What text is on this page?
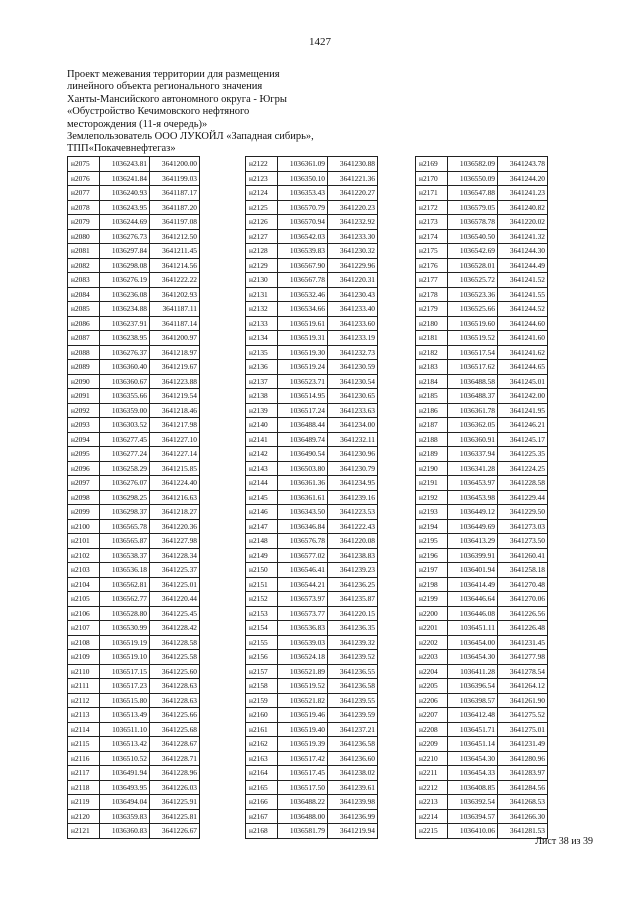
1427
Проект межевания территории для размещения
линейного объекта регионального значения
Ханты-Мансийского автономного округа - Югры
«Обустройство Кечимовского нефтяного
месторождения (11-я очередь)»
Землепользователь ООО ЛУКОЙЛ «Западная сибирь»,
ТПП«Покачевнефтегаз»
н2075	1036243.81	3641200.00
н2076	1036241.84	3641199.03
н2077	1036240.93	3641187.17
н2078	1036243.95	3641187.20
н2079	1036244.69	3641197.08
н2080	1036276.73	3641212.50
н2081	1036297.84	3641211.45
н2082	1036298.08	3641214.56
н2083	1036276.19	3641222.22
н2084	1036236.08	3641202.93
н2085	1036234.88	3641187.11
н2086	1036237.91	3641187.14
н2087	1036238.95	3641200.97
н2088	1036276.37	3641218.97
н2089	1036360.40	3641219.67
н2090	1036360.67	3641223.88
н2091	1036355.66	3641219.54
н2092	1036359.00	3641218.46
н2093	1036303.52	3641217.98
н2094	1036277.45	3641227.10
н2095	1036277.24	3641227.14
н2096	1036258.29	3641215.85
н2097	1036276.07	3641224.40
н2098	1036298.25	3641216.63
н2099	1036298.37	3641218.27
н2100	1036565.78	3641220.36
н2101	1036565.87	3641227.98
н2102	1036538.37	3641228.34
н2103	1036536.18	3641225.37
н2104	1036562.81	3641225.01
н2105	1036562.77	3641220.44
н2106	1036528.80	3641225.45
н2107	1036530.99	3641228.42
н2108	1036519.19	3641228.58
н2109	1036519.10	3641225.58
н2110	1036517.15	3641225.60
н2111	1036517.23	3641228.63
н2112	1036515.80	3641228.63
н2113	1036513.49	3641225.66
н2114	1036511.10	3641225.68
н2115	1036513.42	3641228.67
н2116	1036510.52	3641228.71
н2117	1036491.94	3641228.96
н2118	1036493.95	3641226.03
н2119	1036494.04	3641225.91
н2120	1036359.83	3641225.81
н2121	1036360.83	3641226.67
н2122	1036361.09	3641230.88
н2123	1036350.10	3641221.36
н2124	1036353.43	3641220.27
н2125	1036570.79	3641220.23
н2126	1036570.94	3641232.92
н2127	1036542.03	3641233.30
н2128	1036539.83	3641230.32
н2129	1036567.90	3641229.96
н2130	1036567.78	3641220.31
н2131	1036532.46	3641230.43
н2132	1036534.66	3641233.40
н2133	1036519.61	3641233.60
н2134	1036519.31	3641233.19
н2135	1036519.30	3641232.73
н2136	1036519.24	3641230.59
н2137	1036523.71	3641230.54
н2138	1036514.95	3641230.65
н2139	1036517.24	3641233.63
н2140	1036488.44	3641234.00
н2141	1036489.74	3641232.11
н2142	1036490.54	3641230.96
н2143	1036503.80	3641230.79
н2144	1036361.36	3641234.95
н2145	1036361.61	3641239.16
н2146	1036343.50	3641223.53
н2147	1036346.84	3641222.43
н2148	1036576.78	3641220.08
н2149	1036577.02	3641238.83
н2150	1036546.41	3641239.23
н2151	1036544.21	3641236.25
н2152	1036573.97	3641235.87
н2153	1036573.77	3641220.15
н2154	1036536.83	3641236.35
н2155	1036539.03	3641239.32
н2156	1036524.18	3641239.52
н2157	1036521.89	3641236.55
н2158	1036519.52	3641236.58
н2159	1036521.82	3641239.55
н2160	1036519.46	3641239.59
н2161	1036519.40	3641237.21
н2162	1036519.39	3641236.58
н2163	1036517.42	3641236.60
н2164	1036517.45	3641238.02
н2165	1036517.50	3641239.61
н2166	1036488.22	3641239.98
н2167	1036488.00	3641236.99
н2168	1036581.79	3641219.94
н2169	1036582.09	3641243.78
н2170	1036550.09	3641244.20
н2171	1036547.88	3641241.23
н2172	1036579.05	3641240.82
н2173	1036578.78	3641220.02
н2174	1036540.50	3641241.32
н2175	1036542.69	3641244.30
н2176	1036528.01	3641244.49
н2177	1036525.72	3641241.52
н2178	1036523.36	3641241.55
н2179	1036525.66	3641244.52
н2180	1036519.60	3641244.60
н2181	1036519.52	3641241.60
н2182	1036517.54	3641241.62
н2183	1036517.62	3641244.65
н2184	1036488.58	3641245.01
н2185	1036488.37	3641242.00
н2186	1036361.78	3641241.95
н2187	1036362.05	3641246.21
н2188	1036360.91	3641245.17
н2189	1036337.94	3641225.35
н2190	1036341.28	3641224.25
н2191	1036453.97	3641228.58
н2192	1036453.98	3641229.44
н2193	1036449.12	3641229.50
н2194	1036449.69	3641273.03
н2195	1036413.29	3641273.50
н2196	1036399.91	3641260.41
н2197	1036401.94	3641258.18
н2198	1036414.49	3641270.48
н2199	1036446.64	3641270.06
н2200	1036446.08	3641226.56
н2201	1036451.11	3641226.48
н2202	1036454.00	3641231.45
н2203	1036454.30	3641277.98
н2204	1036411.28	3641278.54
н2205	1036396.54	3641264.12
н2206	1036398.57	3641261.90
н2207	1036412.48	3641275.52
н2208	1036451.71	3641275.01
н2209	1036451.14	3641231.49
н2210	1036454.30	3641280.96
н2211	1036454.33	3641283.97
н2212	1036408.85	3641284.56
н2213	1036392.54	3641268.53
н2214	1036394.57	3641266.30
н2215	1036410.06	3641281.53
Лист 38 из 39
